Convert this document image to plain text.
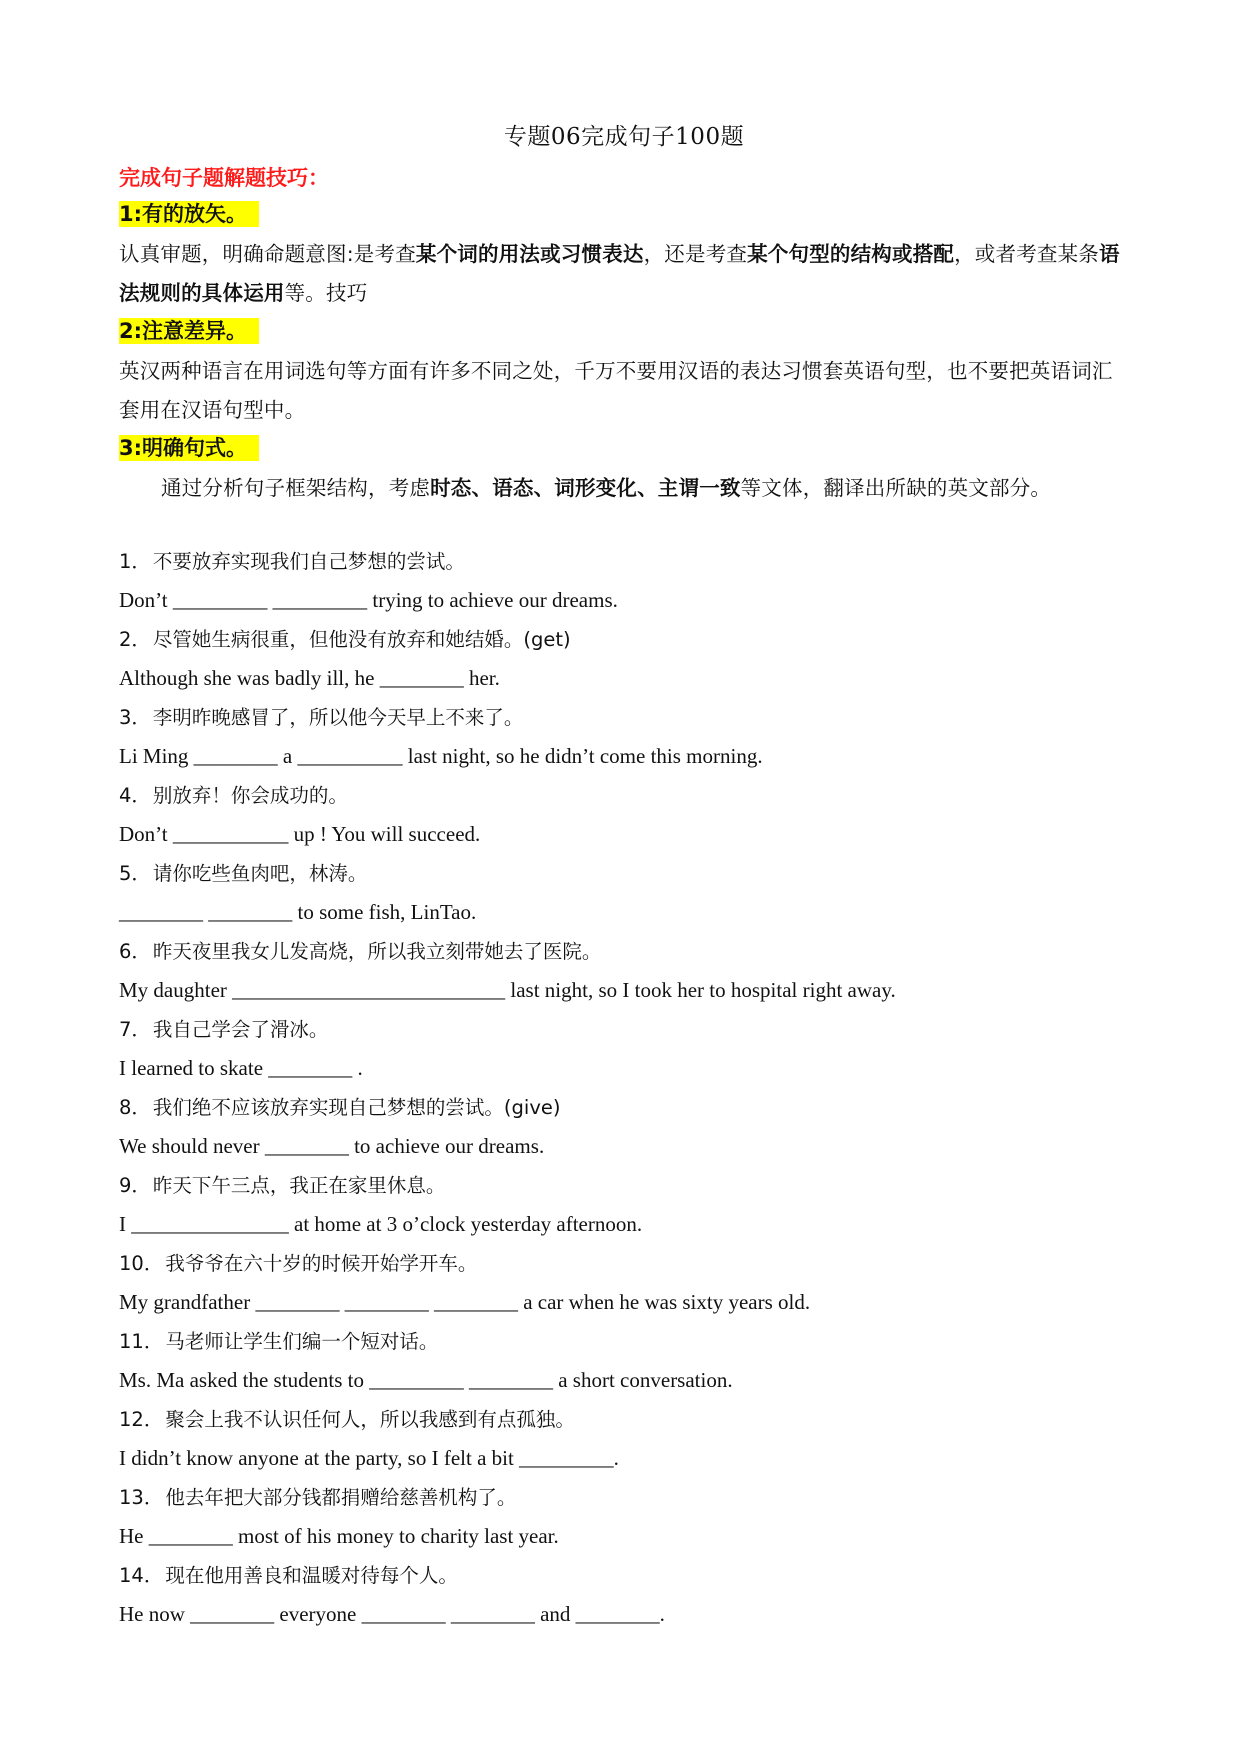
专题06完成句子100题
完成句子题解题技巧：
1:有的放矢。

认真审题，明确命题意图:是考查某个词的用法或习惯表达，还是考查某个句型的结构或搭配，或者考查某条语法规则的具体运用等。技巧

2:注意差异。

英汉两种语言在用词选句等方面有许多不同之处，千万不要用汉语的表达习惯套英语句型，也不要把英语词汇套用在汉语句型中。

3:明确句式。

通过分析句子框架结构，考虑时态、语态、词形变化、主谓一致等文体，翻译出所缺的英文部分。

1． 不要放弃实现我们自己梦想的尝试。
Don’t _________ _________ trying to achieve our dreams.
2． 尽管她生病很重，但他没有放弃和她结婚。(get)
Although she was badly ill, he ________ her.
3． 李明昨晚感冒了，所以他今天早上不来了。
Li Ming ________ a __________ last night, so he didn’t come this morning.
4． 别放弃！你会成功的。
Don’t ___________ up ! You will succeed.
5． 请你吃些鱼肉吧，林涛。
________ ________ to some fish, LinTao.
6． 昨天夜里我女儿发高烧，所以我立刻带她去了医院。
My daughter __________________________ last night, so I took her to hospital right away.
7． 我自己学会了滑冰。
I learned to skate ________ .
8． 我们绝不应该放弃实现自己梦想的尝试。(give)
We should never ________ to achieve our dreams.
9． 昨天下午三点，我正在家里休息。
I _______________ at home at 3 o’clock yesterday afternoon.
10． 我爷爷在六十岁的时候开始学开车。
My grandfather ________ ________ ________ a car when he was sixty years old.
11． 马老师让学生们编一个短对话。
Ms. Ma asked the students to _________ ________ a short conversation.
12． 聚会上我不认识任何人，所以我感到有点孤独。
I didn’t know anyone at the party, so I felt a bit _________.
13． 他去年把大部分钱都捐赠给慈善机构了。
He ________ most of his money to charity last year.
14． 现在他用善良和温暖对待每个人。
He now ________ everyone ________ ________ and ________.
